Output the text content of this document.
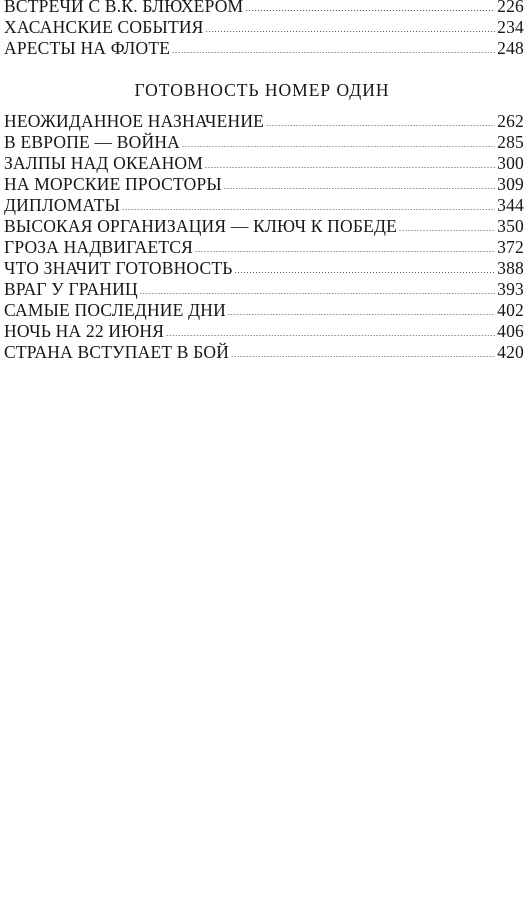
ВСТРЕЧИ С В.К. БЛЮХЕРОМ .....	226
ХАСАНСКИЕ СОБЫТИЯ .....	234
АРЕСТЫ НА ФЛОТЕ .....	248
ГОТОВНОСТЬ НОМЕР ОДИН
НЕОЖИДАННОЕ НАЗНАЧЕНИЕ .....	262
В ЕВРОПЕ — ВОЙНА .....	285
ЗАЛПЫ НАД ОКЕАНОМ .....	300
НА МОРСКИЕ ПРОСТОРЫ .....	309
ДИПЛОМАТЫ .....	344
ВЫСОКАЯ ОРГАНИЗАЦИЯ — КЛЮЧ К ПОБЕДЕ .....	350
ГРОЗА НАДВИГАЕТСЯ .....	372
ЧТО ЗНАЧИТ ГОТОВНОСТЬ .....	388
ВРАГ У ГРАНИЦ .....	393
САМЫЕ ПОСЛЕДНИЕ ДНИ .....	402
НОЧЬ НА 22 ИЮНЯ .....	406
СТРАНА ВСТУПАЕТ В БОЙ .....	420
